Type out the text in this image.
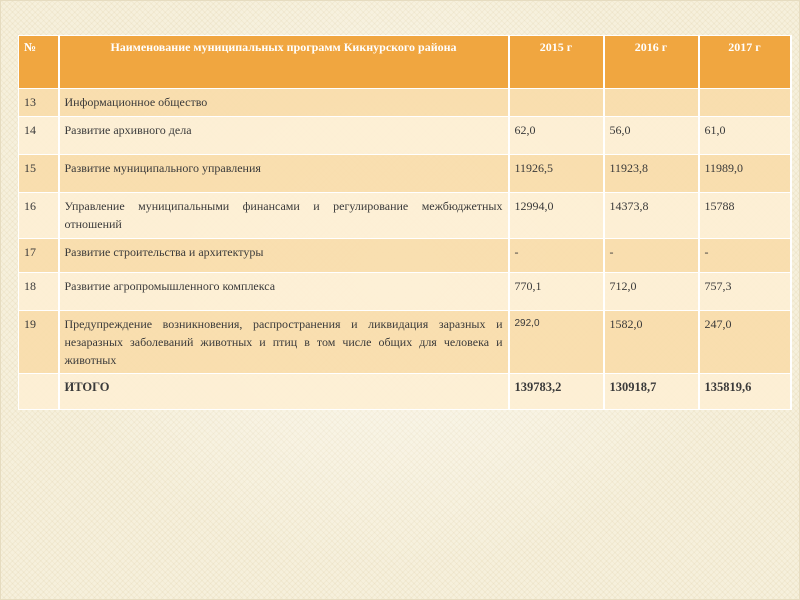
№	Наименование муниципальных программ Кикнурского района	2015 г	2016 г	2017 г
13	Информационное общество			
14	Развитие архивного дела	62,0	56,0	61,0
15	Развитие муниципального управления	11926,5	11923,8	11989,0
16	Управление муниципальными финансами и регулирование межбюджетных отношений	12994,0	14373,8	15788
17	Развитие строительства и архитектуры	-	-	-
18	Развитие агропромышленного комплекса	770,1	712,0	757,3
19	Предупреждение возникновения, распространения и ликвидация заразных и незаразных заболеваний животных и птиц в том числе общих для человека и животных	292,0	1582,0	247,0
	ИТОГО	139783,2	130918,7	135819,6
